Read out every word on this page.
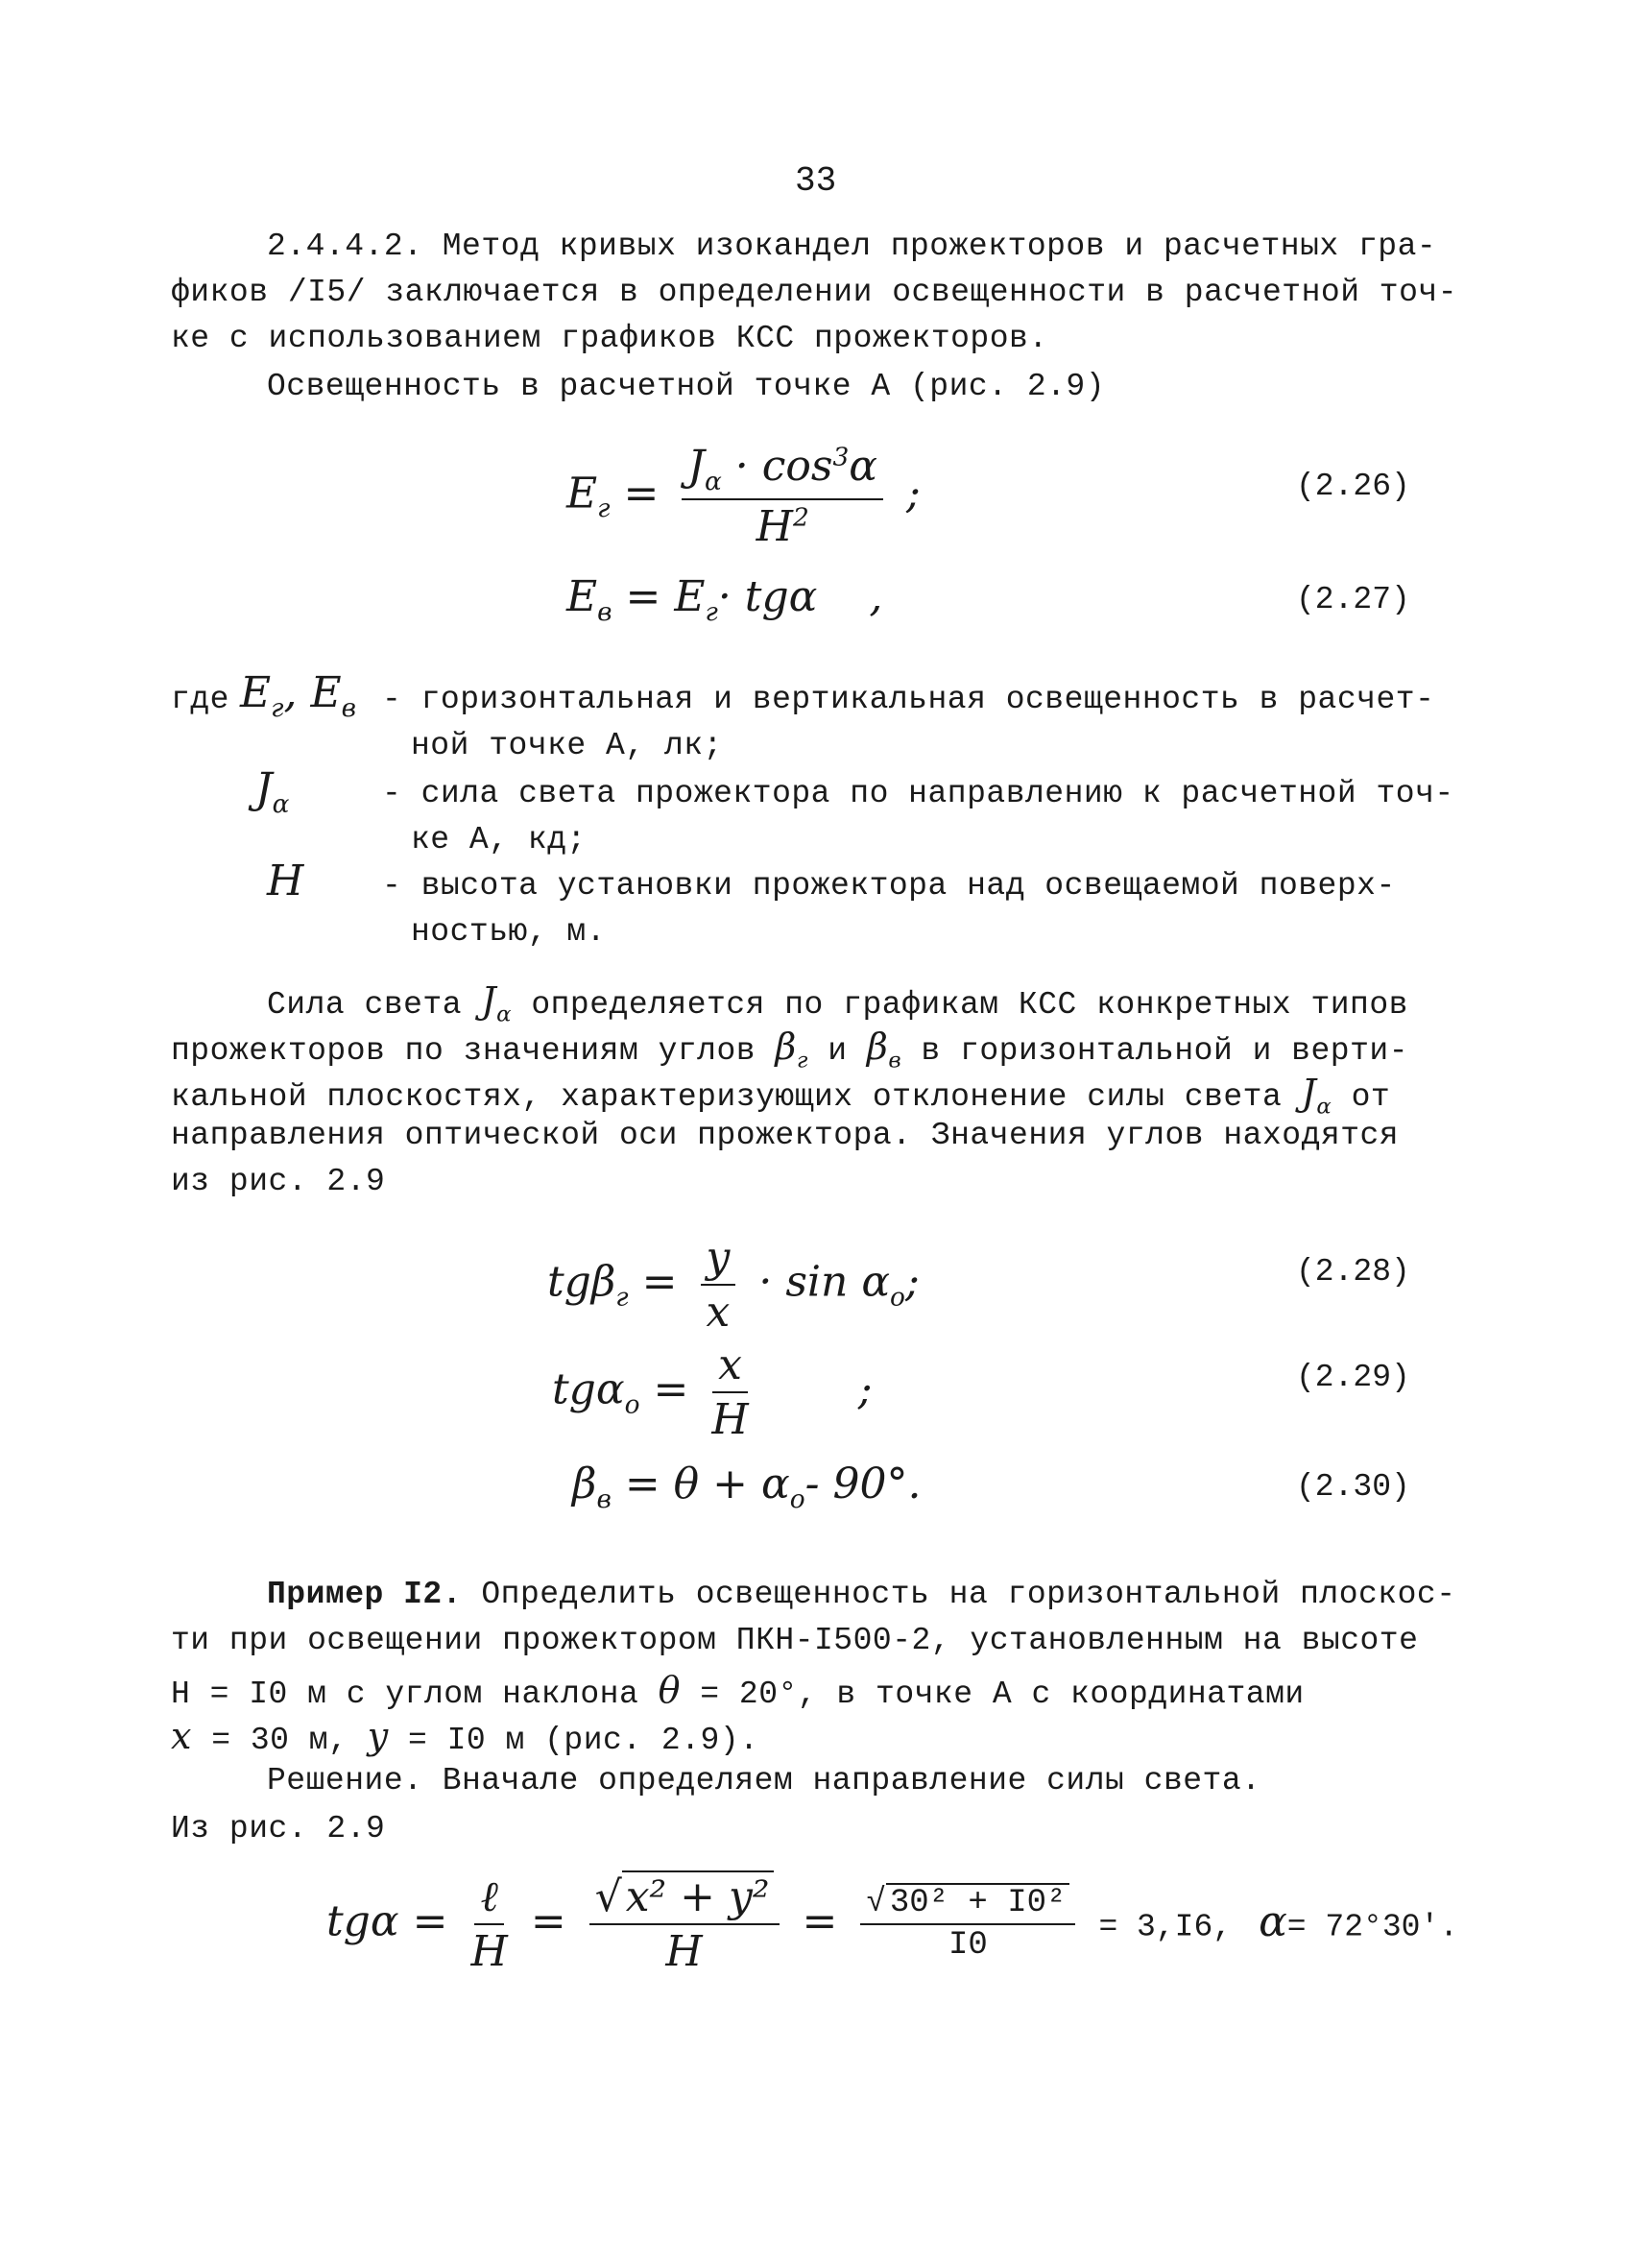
33
2.4.4.2. Метод кривых изокандел прожекторов и расчетных гра-
фиков /I5/ заключается в определении освещенности в расчетной точ-
ке с использованием графиков КСС прожекторов.
Освещенность в расчетной точке А (рис. 2.9)
$E_г = \frac{J_\alpha \cdot \cos^3\alpha}{H^2}$ ;	(2.26)
$E_в = E_г\cdot tg\alpha$ ,	(2.27)
где $E_г$, $E_в$ - горизонтальная и вертикальная освещенность в расчет-
ной точке А, лк;
$J_\alpha$	- сила света прожектора по направлению к расчетной точ-
ке А, кд;
H - высота установки прожектора над освещаемой поверх-
ностью, м.
Сила света $J_\alpha$ определяется по графикам КСС конкретных типов
прожекторов по значениям углов $\beta_г$ и $\beta_в$ в горизонтальной и верти-
кальной плоскостях, характеризующих отклонение силы света $J_\alpha$ от
направления оптической оси прожектора. Значения углов находятся
из рис. 2.9
$tg\beta_г = \frac{y}{x} \cdot \sin \alpha_o$;	(2.28)
$tg\alpha_o = \frac{x}{H}$	;	(2.29)
$\beta_в = \theta + \alpha_o-$ 90°.	(2.30)
Пример I2. Определить освещенность на горизонтальной плоскос-
ти при освещении прожектором ПКН-I500-2, установленным на высоте
Н = I0 м с углом наклона θ = 20°, в точке А с координатами
x = 30 м, y = I0 м (рис. 2.9).
Решение. Вначале определяем направление силы света.
Из рис. 2.9
$tg\alpha = \frac{\text{ℓ}}{H} = \frac{\text{√x² + y²}}{H} = \frac{\text{√ 30² + I0²}}{I0} = 3,I6$, α= 72°30'.
